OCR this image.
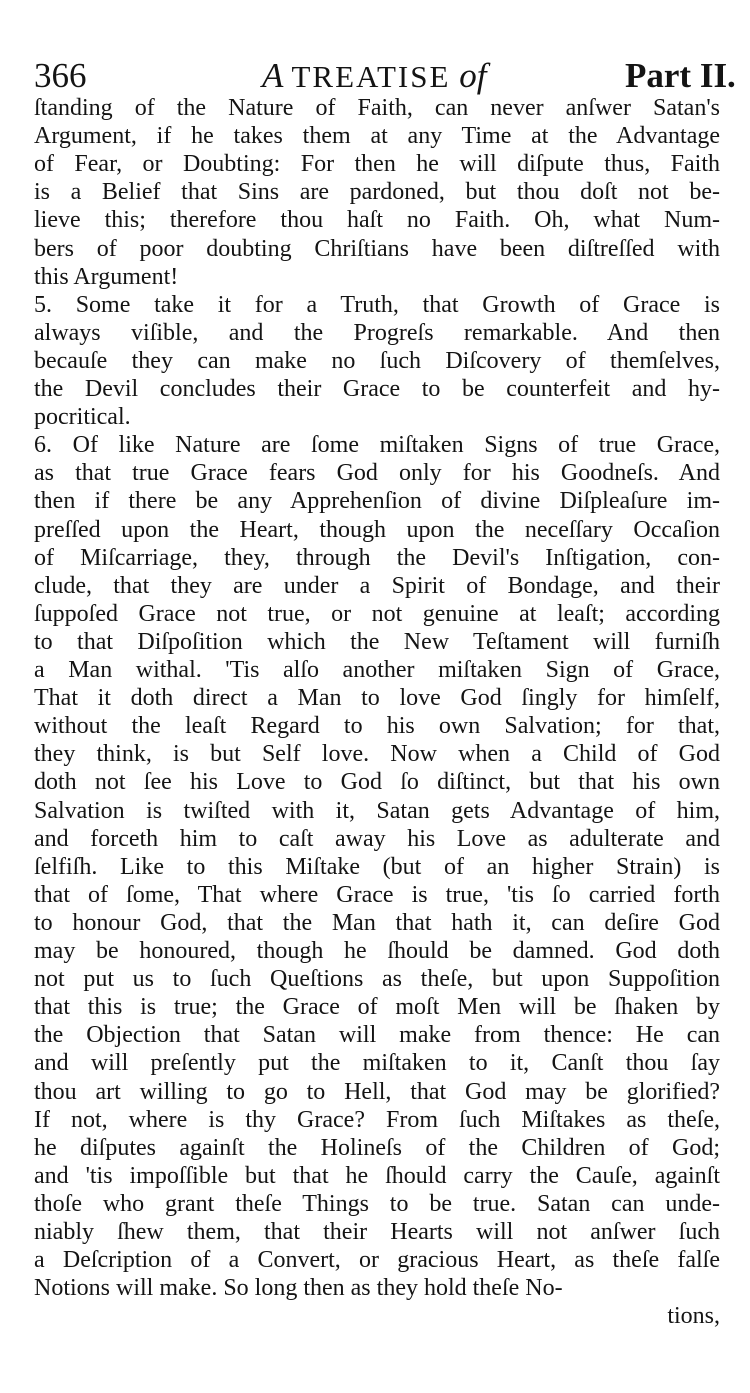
366	A TREATISE of	Part II.
ſtanding of the Nature of Faith, can never anſwer Satan's
Argument, if he takes them at any Time at the Advantage
of Fear, or Doubting: For then he will diſpute thus, Faith
is a Belief that Sins are pardoned, but thou doſt not be-
lieve this; therefore thou haſt no Faith. Oh, what Num-
bers of poor doubting Chriſtians have been diſtreſſed with
this Argument!
5. Some take it for a Truth, that Growth of Grace is
always viſible, and the Progreſs remarkable. And then
becauſe they can make no ſuch Diſcovery of themſelves,
the Devil concludes their Grace to be counterfeit and hy-
pocritical.
6. Of like Nature are ſome miſtaken Signs of true Grace,
as that true Grace fears God only for his Goodneſs. And
then if there be any Apprehenſion of divine Diſpleaſure im-
preſſed upon the Heart, though upon the neceſſary Occaſion
of Miſcarriage, they, through the Devil's Inſtigation, con-
clude, that they are under a Spirit of Bondage, and their
ſuppoſed Grace not true, or not genuine at leaſt; according
to that Diſpoſition which the New Teſtament will furniſh
a Man withal. 'Tis alſo another miſtaken Sign of Grace,
That it doth direct a Man to love God ſingly for himſelf,
without the leaſt Regard to his own Salvation; for that,
they think, is but Self love. Now when a Child of God
doth not ſee his Love to God ſo diſtinct, but that his own
Salvation is twiſted with it, Satan gets Advantage of him,
and forceth him to caſt away his Love as adulterate and
ſelfiſh. Like to this Miſtake (but of an higher Strain) is
that of ſome, That where Grace is true, 'tis ſo carried forth
to honour God, that the Man that hath it, can deſire God
may be honoured, though he ſhould be damned. God doth
not put us to ſuch Queſtions as theſe, but upon Suppoſition
that this is true; the Grace of moſt Men will be ſhaken by
the Objection that Satan will make from thence: He can
and will preſently put the miſtaken to it, Canſt thou ſay
thou art willing to go to Hell, that God may be glorified?
If not, where is thy Grace? From ſuch Miſtakes as theſe,
he diſputes againſt the Holineſs of the Children of God;
and 'tis impoſſible but that he ſhould carry the Cauſe, againſt
thoſe who grant theſe Things to be true. Satan can unde-
niably ſhew them, that their Hearts will not anſwer ſuch
a Deſcription of a Convert, or gracious Heart, as theſe falſe
Notions will make. So long then as they hold theſe No-
tions,
